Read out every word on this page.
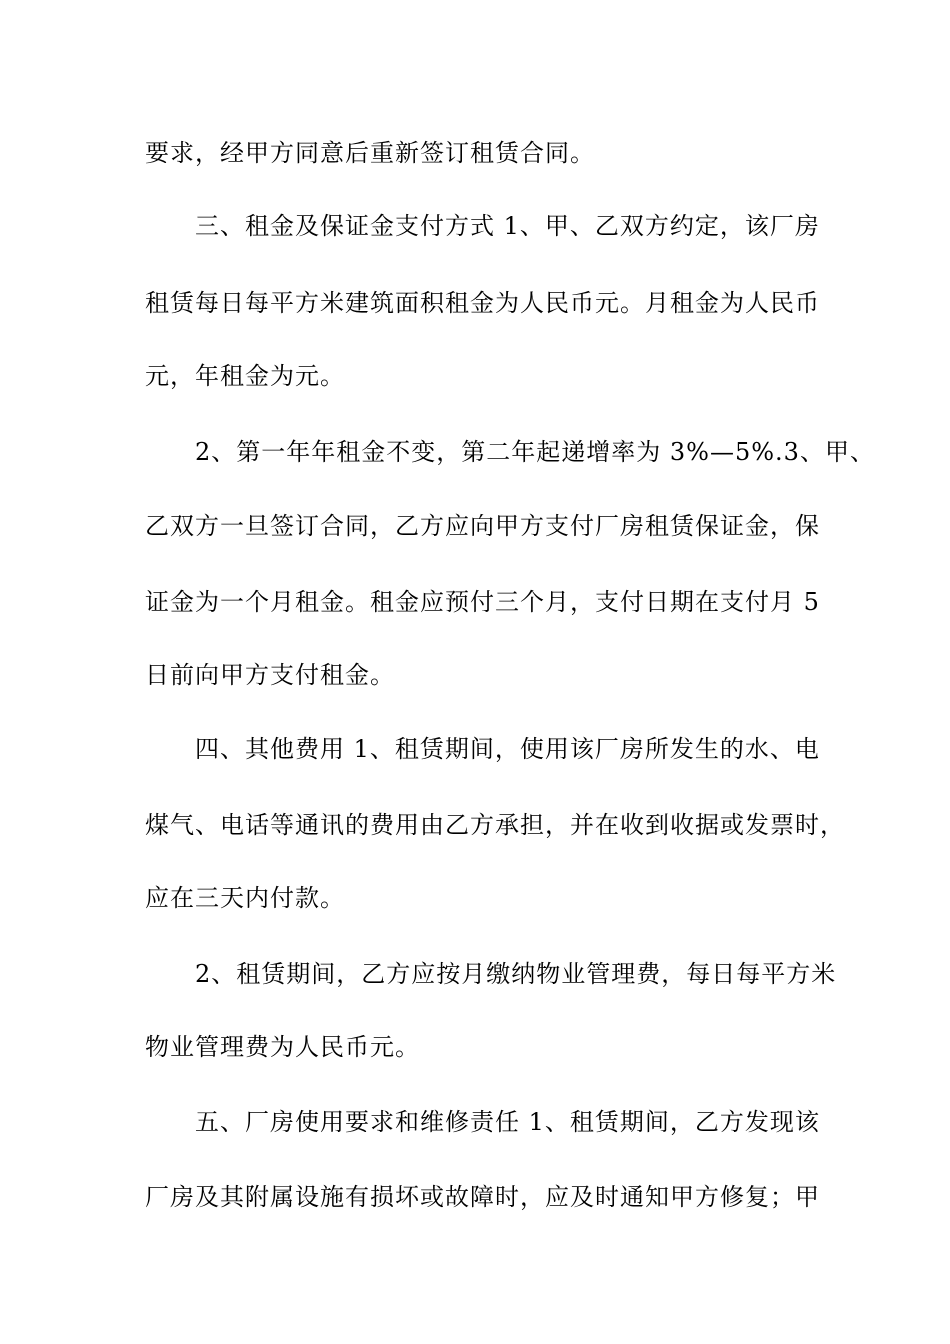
要求，经甲方同意后重新签订租赁合同。

　　三、租金及保证金支付方式 1、甲、乙双方约定，该厂房

租赁每日每平方米建筑面积租金为人民币元。月租金为人民币

元，年租金为元。

　　2、第一年年租金不变，第二年起递增率为 3%—5%.3、甲、

乙双方一旦签订合同，乙方应向甲方支付厂房租赁保证金，保

证金为一个月租金。租金应预付三个月，支付日期在支付月 5

日前向甲方支付租金。

　　四、其他费用 1、租赁期间，使用该厂房所发生的水、电

煤气、电话等通讯的费用由乙方承担，并在收到收据或发票时，

应在三天内付款。

　　2、租赁期间，乙方应按月缴纳物业管理费，每日每平方米

物业管理费为人民币元。

　　五、厂房使用要求和维修责任 1、租赁期间，乙方发现该

厂房及其附属设施有损坏或故障时，应及时通知甲方修复；甲
